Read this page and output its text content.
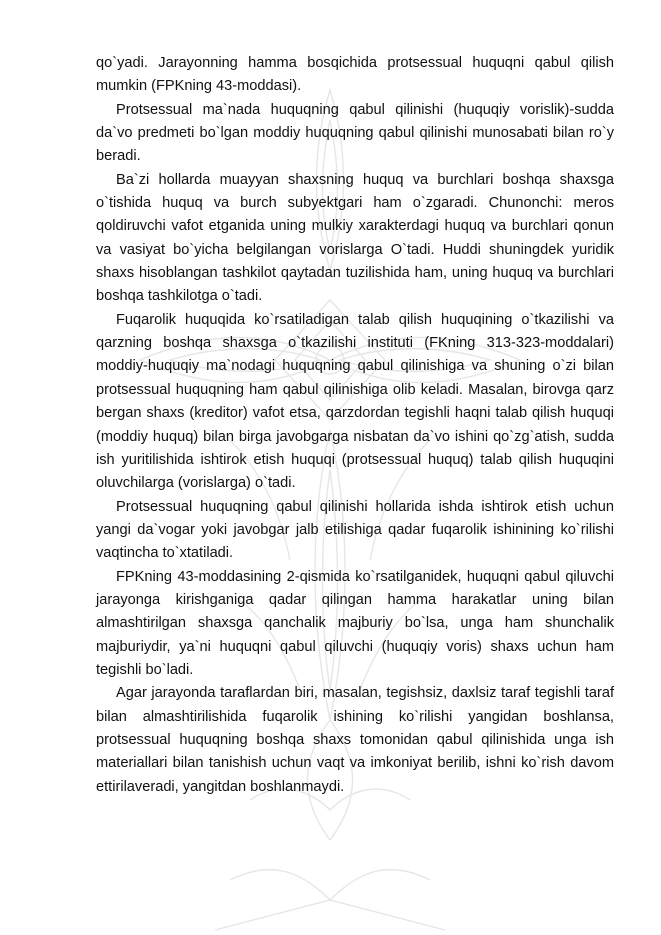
qo`yadi. Jarayonning hamma bosqichida protsessual huquqni qabul qilish mumkin (FPKning 43-moddasi).

Protsessual ma`nada huquqning qabul qilinishi (huquqiy vorislik)-sudda da`vo predmeti bo`lgan moddiy huquqning qabul qilinishi munosabati bilan ro`y beradi.

Ba`zi hollarda muayyan shaxsning huquq va burchlari boshqa shaxsga o`tishida huquq va burch subyektgari ham o`zgaradi. Chunonchi: meros qoldiruvchi vafot etganida uning mulkiy xarakterdagi huquq va burchlari qonun va vasiyat bo`yicha belgilangan vorislarga O`tadi. Huddi shuningdek yuridik shaxs hisoblangan tashkilot qaytadan tuzilishida ham, uning huquq va burchlari boshqa tashkilotga o`tadi.

Fuqarolik huquqida ko`rsatiladigan talab qilish huquqining o`tkazilishi va qarzning boshqa shaxsga o`tkazilishi instituti (FKning 313-323-moddalari) moddiy-huquqiy ma`nodagi huquqning qabul qilinishiga va shuning o`zi bilan protsessual huquqning ham qabul qilinishiga olib keladi. Masalan, birovga qarz bergan shaxs (kreditor) vafot etsa, qarzdordan tegishli haqni talab qilish huquqi (moddiy huquq) bilan birga javobgarga nisbatan da`vo ishini qo`zg`atish, sudda ish yuritilishida ishtirok etish huquqi (protsessual huquq) talab qilish huquqini oluvchilarga (vorislarga) o`tadi.

Protsessual huquqning qabul qilinishi hollarida ishda ishtirok etish uchun yangi da`vogar yoki javobgar jalb etilishiga qadar fuqarolik ishinining ko`rilishi vaqtincha to`xtatiladi.

FPKning 43-moddasining 2-qismida ko`rsatilganidek, huquqni qabul qiluvchi jarayonga kirishganiga qadar qilingan hamma harakatlar uning bilan almashtirilgan shaxsga qanchalik majburiy bo`lsa, unga ham shunchalik majburiydir, ya`ni huquqni qabul qiluvchi (huquqiy voris) shaxs uchun ham tegishli bo`ladi.

Agar jarayonda taraflardan biri, masalan, tegishsiz, daxlsiz taraf tegishli taraf bilan almashtirilishida fuqarolik ishining ko`rilishi yangidan boshlansa, protsessual huquqning boshqa shaxs tomonidan qabul qilinishida unga ish materiallari bilan tanishish uchun vaqt va imkoniyat berilib, ishni ko`rish davom ettirilaveradi, yangitdan boshlanmaydi.
